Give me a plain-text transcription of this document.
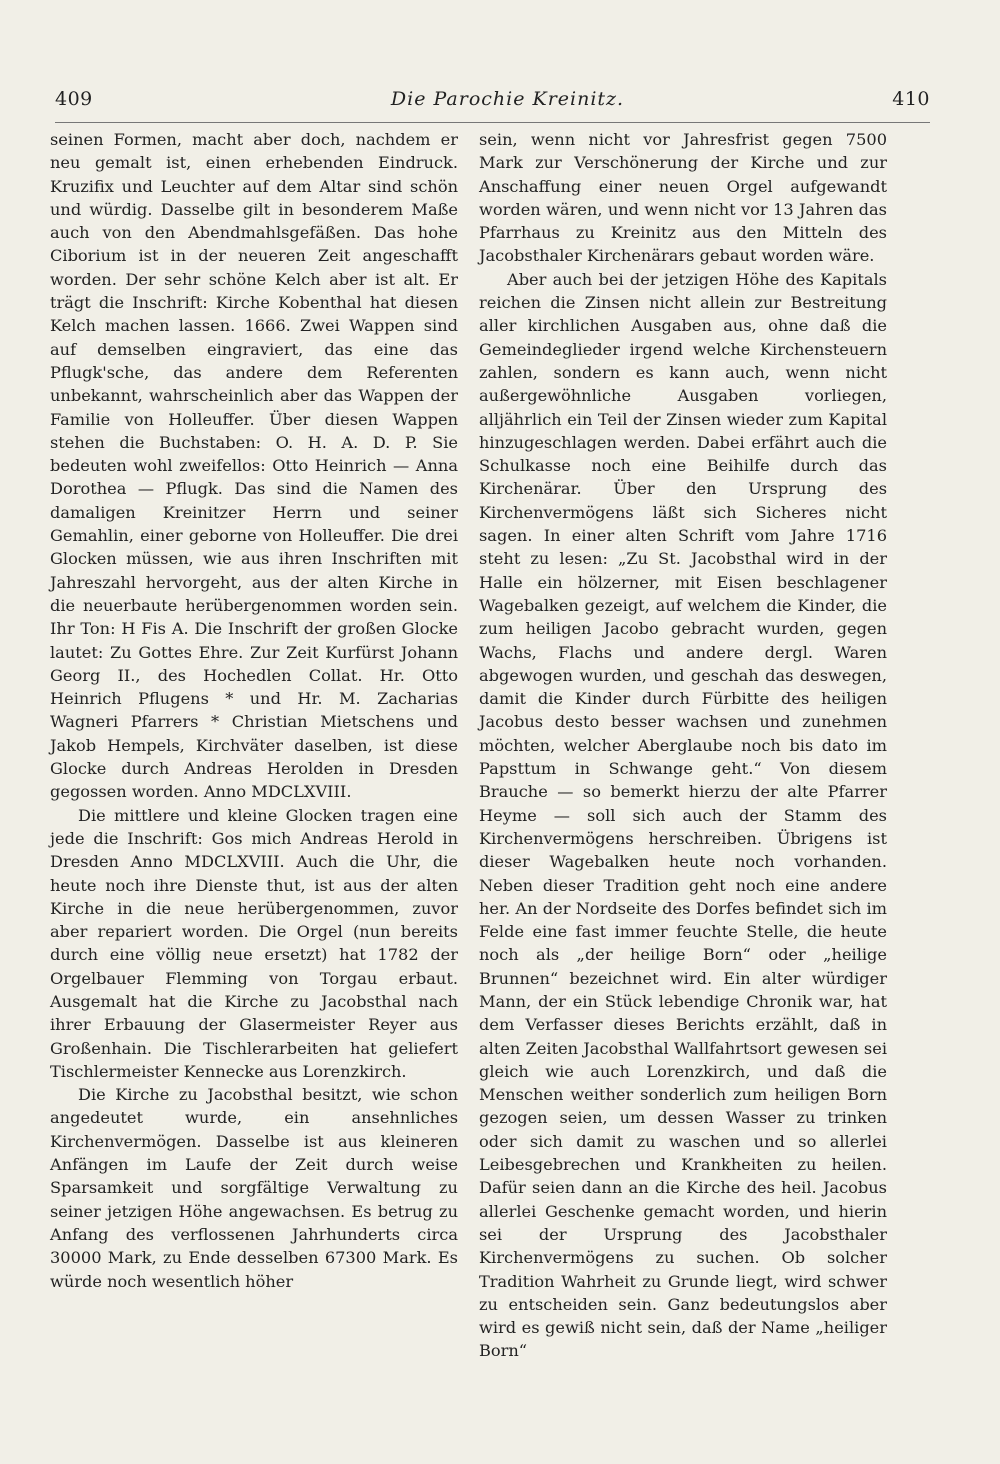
409	Die Parochie Kreinitz.	410

seinen Formen, macht aber doch, nachdem er neu gemalt ist, einen erhebenden Eindruck. Kruzifix und Leuchter auf dem Altar sind schön und würdig. Dasselbe gilt in besonderem Maße auch von den Abendmahlsgefäßen. Das hohe Ciborium ist in der neueren Zeit angeschafft worden. Der sehr schöne Kelch aber ist alt. Er trägt die Inschrift: Kirche Kobenthal hat diesen Kelch machen lassen. 1666. Zwei Wappen sind auf demselben eingraviert, das eine das Pflugk'sche, das andere dem Referenten unbekannt, wahrscheinlich aber das Wappen der Familie von Holleuffer. Über diesen Wappen stehen die Buchstaben: O. H. A. D. P. Sie bedeuten wohl zweifellos: Otto Heinrich — Anna Dorothea — Pflugk. Das sind die Namen des damaligen Kreinitzer Herrn und seiner Gemahlin, einer geborne von Holleuffer. Die drei Glocken müssen, wie aus ihren Inschriften mit Jahreszahl hervorgeht, aus der alten Kirche in die neuerbaute herübergenommen worden sein. Ihr Ton: H Fis A. Die Inschrift der großen Glocke lautet: Zu Gottes Ehre. Zur Zeit Kurfürst Johann Georg II., des Hochedlen Collat. Hr. Otto Heinrich Pflugens * und Hr. M. Zacharias Wagneri Pfarrers * Christian Mietschens und Jakob Hempels, Kirchväter daselben, ist diese Glocke durch Andreas Herolden in Dresden gegossen worden. Anno MDCLXVIII.

Die mittlere und kleine Glocken tragen eine jede die Inschrift: Gos mich Andreas Herold in Dresden Anno MDCLXVIII. Auch die Uhr, die heute noch ihre Dienste thut, ist aus der alten Kirche in die neue herübergenommen, zuvor aber repariert worden. Die Orgel (nun bereits durch eine völlig neue ersetzt) hat 1782 der Orgelbauer Flemming von Torgau erbaut. Ausgemalt hat die Kirche zu Jacobsthal nach ihrer Erbauung der Glasermeister Reyer aus Großenhain. Die Tischlerarbeiten hat geliefert Tischlermeister Kennecke aus Lorenzkirch.

Die Kirche zu Jacobsthal besitzt, wie schon angedeutet wurde, ein ansehnliches Kirchenvermögen. Dasselbe ist aus kleineren Anfängen im Laufe der Zeit durch weise Sparsamkeit und sorgfältige Verwaltung zu seiner jetzigen Höhe angewachsen. Es betrug zu Anfang des verflossenen Jahrhunderts circa 30000 Mark, zu Ende desselben 67300 Mark. Es würde noch wesentlich höher

sein, wenn nicht vor Jahresfrist gegen 7500 Mark zur Verschönerung der Kirche und zur Anschaffung einer neuen Orgel aufgewandt worden wären, und wenn nicht vor 13 Jahren das Pfarrhaus zu Kreinitz aus den Mitteln des Jacobsthaler Kirchenärars gebaut worden wäre.

Aber auch bei der jetzigen Höhe des Kapitals reichen die Zinsen nicht allein zur Bestreitung aller kirchlichen Ausgaben aus, ohne daß die Gemeindeglieder irgend welche Kirchensteuern zahlen, sondern es kann auch, wenn nicht außergewöhnliche Ausgaben vorliegen, alljährlich ein Teil der Zinsen wieder zum Kapital hinzugeschlagen werden. Dabei erfährt auch die Schulkasse noch eine Beihilfe durch das Kirchenärar. Über den Ursprung des Kirchenvermögens läßt sich Sicheres nicht sagen. In einer alten Schrift vom Jahre 1716 steht zu lesen: „Zu St. Jacobsthal wird in der Halle ein hölzerner, mit Eisen beschlagener Wagebalken gezeigt, auf welchem die Kinder, die zum heiligen Jacobo gebracht wurden, gegen Wachs, Flachs und andere dergl. Waren abgewogen wurden, und geschah das deswegen, damit die Kinder durch Fürbitte des heiligen Jacobus desto besser wachsen und zunehmen möchten, welcher Aberglaube noch bis dato im Papsttum in Schwange geht.“ Von diesem Brauche — so bemerkt hierzu der alte Pfarrer Heyme — soll sich auch der Stamm des Kirchenvermögens herschreiben. Übrigens ist dieser Wagebalken heute noch vorhanden. Neben dieser Tradition geht noch eine andere her. An der Nordseite des Dorfes befindet sich im Felde eine fast immer feuchte Stelle, die heute noch als „der heilige Born“ oder „heilige Brunnen“ bezeichnet wird. Ein alter würdiger Mann, der ein Stück lebendige Chronik war, hat dem Verfasser dieses Berichts erzählt, daß in alten Zeiten Jacobsthal Wallfahrtsort gewesen sei gleich wie auch Lorenzkirch, und daß die Menschen weither sonderlich zum heiligen Born gezogen seien, um dessen Wasser zu trinken oder sich damit zu waschen und so allerlei Leibesgebrechen und Krankheiten zu heilen. Dafür seien dann an die Kirche des heil. Jacobus allerlei Geschenke gemacht worden, und hierin sei der Ursprung des Jacobsthaler Kirchenvermögens zu suchen. Ob solcher Tradition Wahrheit zu Grunde liegt, wird schwer zu entscheiden sein. Ganz bedeutungslos aber wird es gewiß nicht sein, daß der Name „heiliger Born“
